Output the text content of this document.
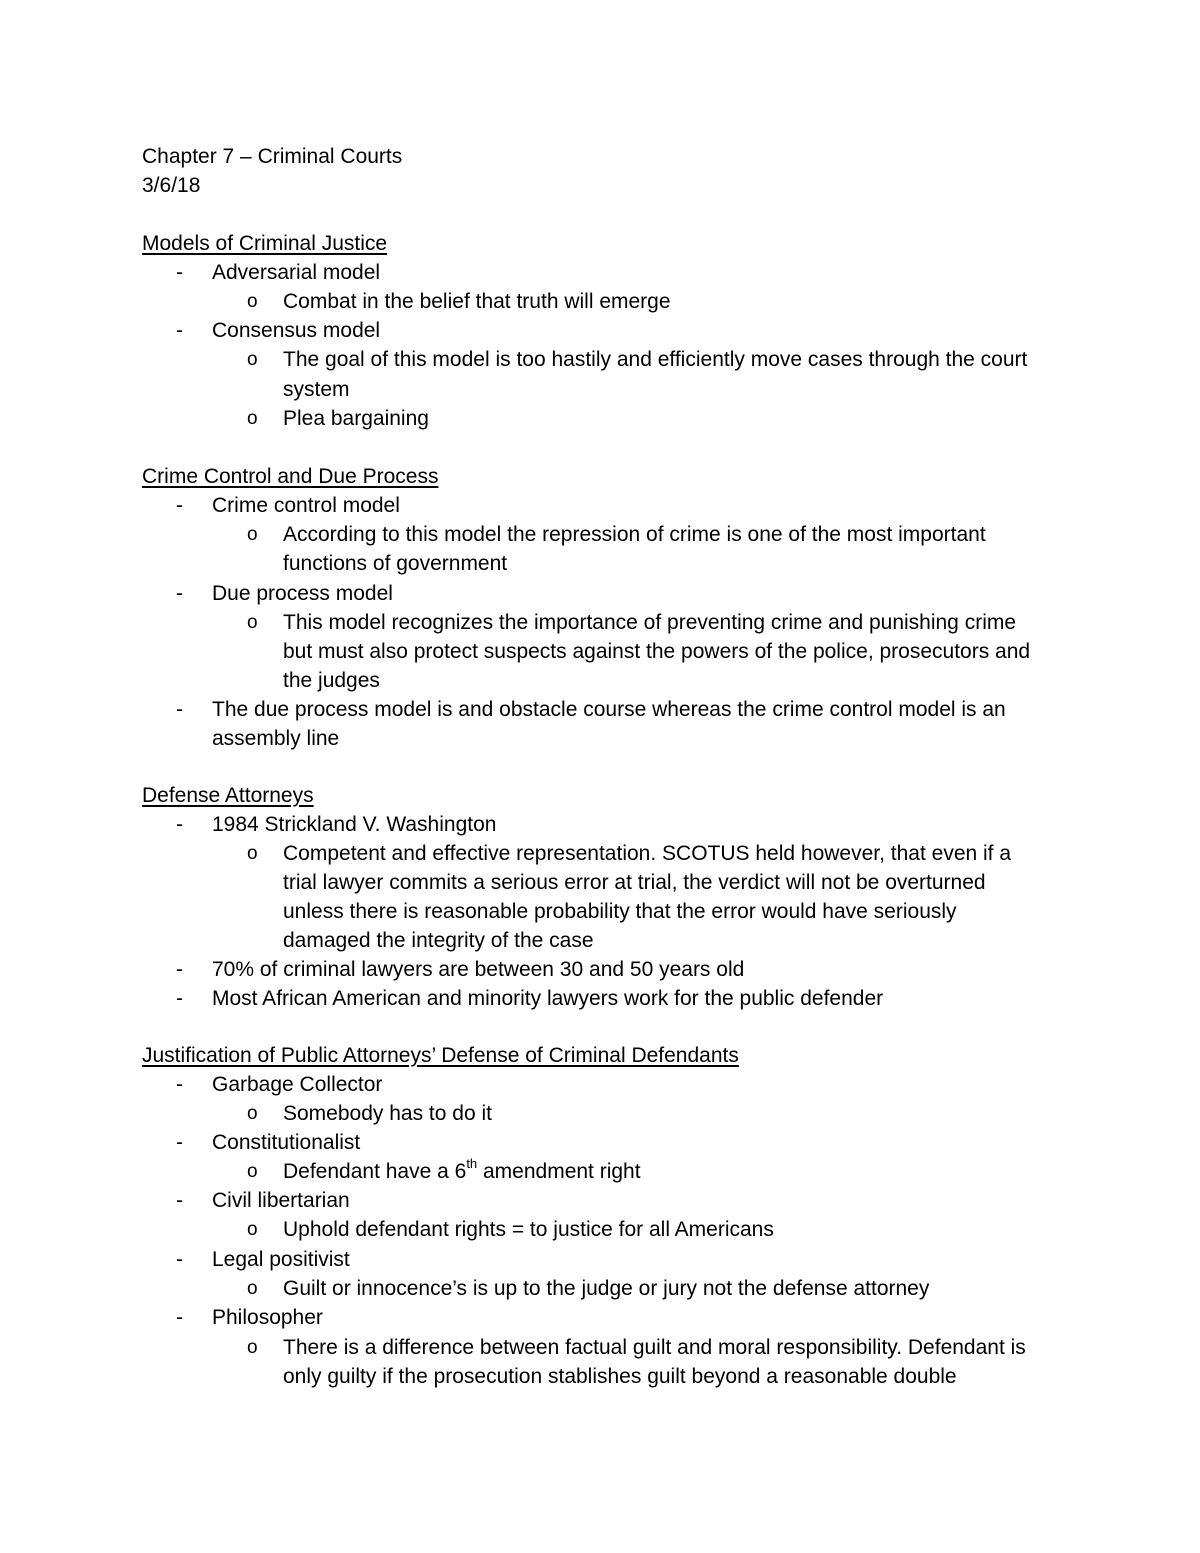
Chapter 7 – Criminal Courts
3/6/18
Models of Criminal Justice
- Adversarial model
o Combat in the belief that truth will emerge
- Consensus model
o The goal of this model is too hastily and efficiently move cases through the court
system
o Plea bargaining
Crime Control and Due Process
- Crime control model
o According to this model the repression of crime is one of the most important
functions of government
- Due process model
o This model recognizes the importance of preventing crime and punishing crime
but must also protect suspects against the powers of the police, prosecutors and
the judges
- The due process model is and obstacle course whereas the crime control model is an
assembly line
Defense Attorneys
- 1984 Strickland V. Washington
o Competent and effective representation. SCOTUS held however, that even if a
trial lawyer commits a serious error at trial, the verdict will not be overturned
unless there is reasonable probability that the error would have seriously
damaged the integrity of the case
- 70% of criminal lawyers are between 30 and 50 years old
- Most African American and minority lawyers work for the public defender
Justification of Public Attorneys’ Defense of Criminal Defendants
- Garbage Collector
o Somebody has to do it
- Constitutionalist
o Defendant have a 6th amendment right
- Civil libertarian
o Uphold defendant rights = to justice for all Americans
- Legal positivist
o Guilt or innocence’s is up to the judge or jury not the defense attorney
- Philosopher
o There is a difference between factual guilt and moral responsibility. Defendant is
only guilty if the prosecution stablishes guilt beyond a reasonable double
